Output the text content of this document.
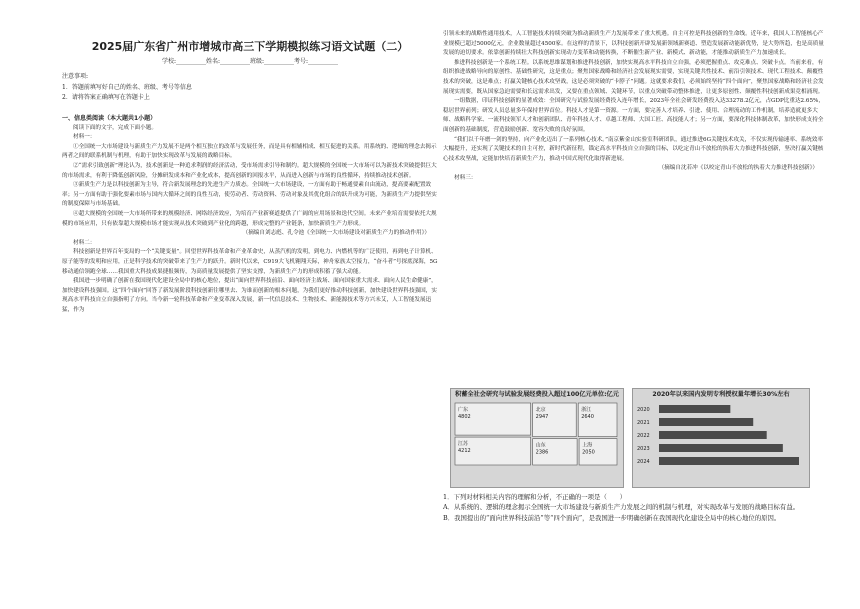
2025届广东省广州市增城市高三下学期模拟练习语文试题（二）
学校:__________姓名:__________班级:__________考号:__________
注意事项:
1．答题前填写好自己的姓名、班级、考号等信息
2．请将答案正确填写在答题卡上
一、信息类阅读（本大题共1小题）

阅读下面的文字，完成下面小题。

材料一：

①全国统一大市场建设与新质生产力发展不是两个相互独立的改革与发展任务，而是具有相辅相成、相互促进的关系。用系统的、逻辑的理念去揭示两者之间的联系机制与机理，有助于加快实现改革与发展的战略目标。

②“需求引致创新”理论认为，技术创新是一种追求利润的经济活动，受市场需求引导和制约。超大规模的全国统一大市场可以为新技术突破提供巨大的市场需求，有利于降低创新风险，分摊研发成本和产业化成本，提高创新的回报水平，从而进入创新与市场的良性循环，持续推动技术创新。

③新质生产力是以科技创新为主导，符合新发展理念的先进生产力质态。全国统一大市场建设，一方面有助于畅通要素自由流动，提高要素配置效率；另一方面有助于强化要素市场与国内大循环之间的良性互动，使劳动者、劳动资料、劳动对象及其优化组合的跃升成为可能，为新质生产力提供坚实的制度保障与市场基础。

④超大规模的全国统一大市场所带来的规模经济、网络经济效应，为培育产业新赛道提供了广阔的应用场景和迭代空间。未来产业培育需要依托大规模的市场应用，只有依靠超大规模市场才能实现从技术突破到产业化的跨越，形成完整的产业链条，加快新质生产力形成。

（摘编自刘志彪、孔令池《全国统一大市场建设对新质生产力的推动作用》）

材料二：

科技创新是世界百年变局的一个“关键变量”。回望世界科技革命和产业革命史，从蒸汽机的发明，到电力、内燃机等的广泛使用，再到电子计算机、原子能等的发明和应用，正是科学技术的突破带来了生产力的跃升。新时代以来，C919大飞机翱翔天际，神舟家族太空接力，“奋斗者”号探底深海，5G移动通信领跑全球……我国重大科技成果捷报频传，为高质量发展提供了坚实支撑，为新质生产力的形成积蓄了强大动能。

我国进一步明确了创新在我国现代化建设全局中的核心地位，提出“面向世界科技前沿、面向经济主战场、面向国家重大需求、面向人民生命健康”，加快建设科技强国。这“四个面向”回答了新发展阶段科技创新往哪里去、为谁而创新的根本问题，为我们更好推动科技创新，加快建设世界科技强国，实现高水平科技自立自强指明了方向。当今新一轮科技革命和产业变革深入发展，新一代信息技术、生物技术、新能源技术等方兴未艾，人工智能发展迅猛，作为

引领未来的战略性通用技术，人工智能技术持续突破为推动新质生产力发展带来了重大机遇。自主可控是科技创新的生命线。近年来，我国人工智能核心产业规模已超过5000亿元，企业数量超过4500家。在这样的背景下，以科技创新开辟发展新领域新赛道、塑造发展新动能新优势，是大势所趋，也是高质量发展的迫切要求。依靠创新持续壮大科技创新实现动力变革和动能转换，不断催生新产业、新模式、新动能，才能推动新质生产力加速成长。

推进科技创新是一个系统工程。以系统思维谋划和推进科技创新，加快实现高水平科技自立自强，必须把握重点、攻克难点、突破卡点。当前来看，有组织推进战略导向的原创性、基础性研究，这是重点；聚焦国家战略和经济社会发展现实需要，实现关键共性技术、前沿引领技术、现代工程技术、颠覆性技术的突破，这是难点；打赢关键核心技术攻坚战，这是必须突破的“卡脖子”问题。这就要求我们，必须始终坚持“四个面向”，聚焦国家战略和经济社会发展现实需要，既从国家急迫需要和长远需求出发，又要在重点领域、关键环节，以重点突破带动整体推进，让更多原创性、颠覆性科技创新成果竞相涌现。

一组数据，印证科技创新的显著成效：全国研究与试验发展经费投入连年增长，2023年全社会研发经费投入达33278.2亿元，占GDP比重达2.65%，稳居世界前列；研发人员总量多年保持世界首位。科技人才是第一资源。一方面，要完善人才培养、引进、使用、合理流动的工作机制，培养造就更多大师、战略科学家、一流科技领军人才和创新团队、青年科技人才、卓越工程师、大国工匠、高技能人才；另一方面，要深化科技体制改革，加快形成支持全面创新的基础制度，营造鼓励创新、宽容失败的良好氛围。

“我们以千年磨一剑的坚持，向产业化迈出了一系列核心技术。”南京紫金山实验室科研团队，通过推进6G关键技术攻关，不仅实现传输速率、系统效率大幅提升，还实现了关键技术的自主可控，新时代新征程，锚定高水平科技自立自强的目标，以吃定青山不放松的执着大力推进科技创新，坚决打赢关键核心技术攻坚战，定能加快培育新质生产力，推动中国式现代化取得新进展。

（摘编自沈若冲《以咬定青山不放松的执着大力推进科技创新》）

材料三：

积蓄全社会研究与试验发展经费投入超过100亿元单位:亿元
广东
4802
江苏
4212
北京
2947
浙江
2640
山东
2386
上海
2050
2020年以来国内发明专利授权量年增长30%左右
2020
2021
2022
2023
2024
1．下列对材料相关内容的理解和分析，不正确的一项是（　　）
A．从系统的、逻辑的理念揭示全国统一大市场建设与新质生产力发展之间的机制与机理，对实现改革与发展的战略目标有益。
B．我国提出的“面向世界科技前沿”等“四个面向”，是我国进一步明确创新在我国现代化建设全局中的核心地位的原因。
